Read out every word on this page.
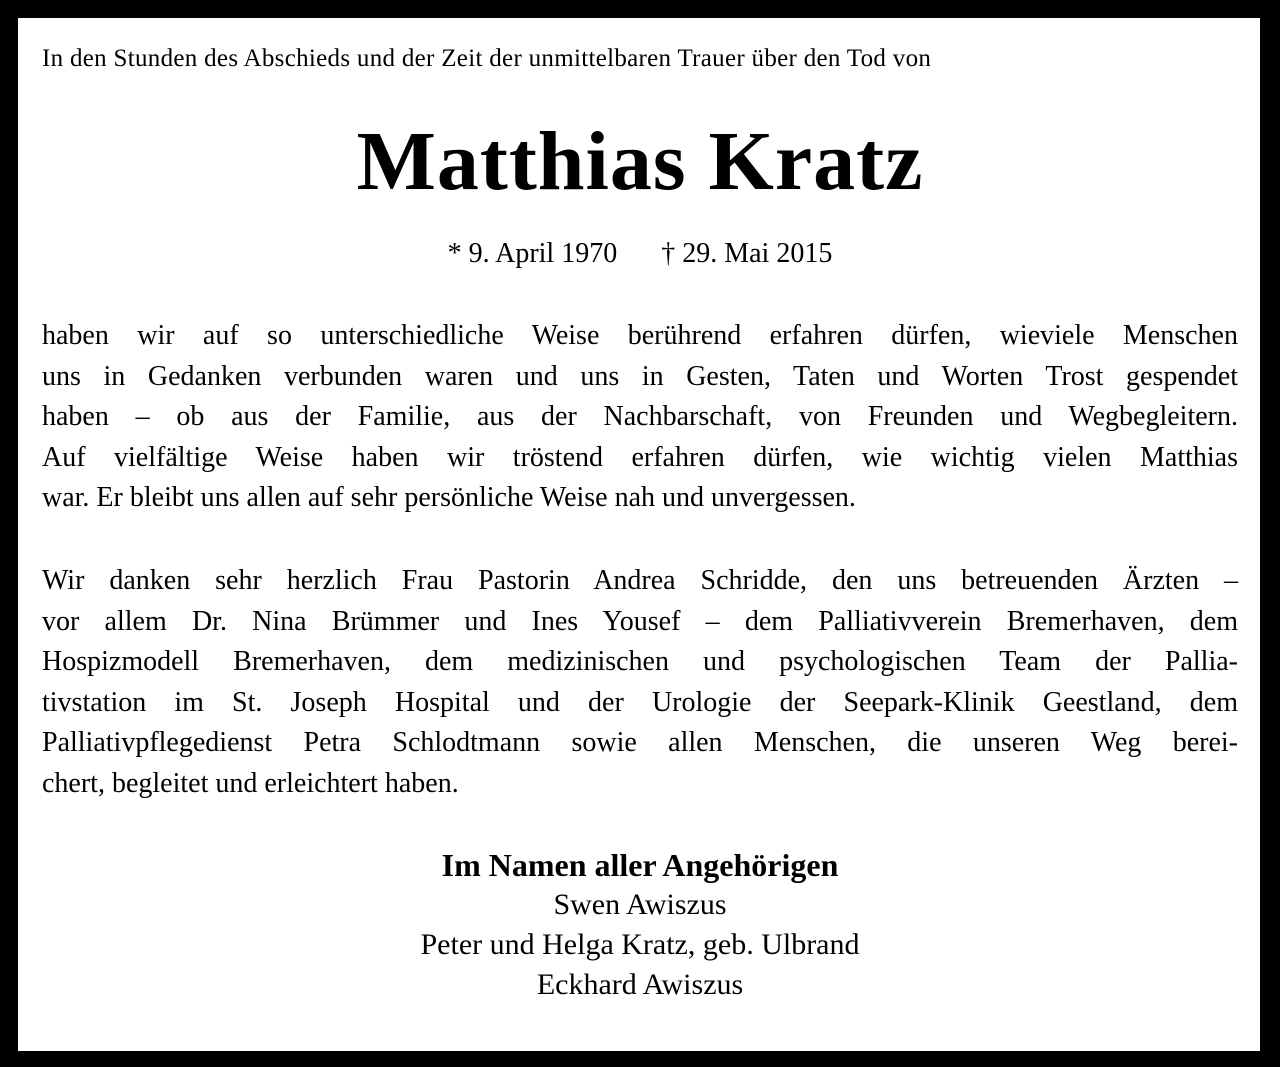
In den Stunden des Abschieds und der Zeit der unmittelbaren Trauer über den Tod von
Matthias Kratz
* 9. April 1970 † 29. Mai 2015
haben wir auf so unterschiedliche Weise berührend erfahren dürfen, wieviele Menschen
uns in Gedanken verbunden waren und uns in Gesten, Taten und Worten Trost gespendet
haben – ob aus der Familie, aus der Nachbarschaft, von Freunden und Wegbegleitern.
Auf vielfältige Weise haben wir tröstend erfahren dürfen, wie wichtig vielen Matthias
war. Er bleibt uns allen auf sehr persönliche Weise nah und unvergessen.
Wir danken sehr herzlich Frau Pastorin Andrea Schridde, den uns betreuenden Ärzten –
vor allem Dr. Nina Brümmer und Ines Yousef – dem Palliativverein Bremerhaven, dem
Hospizmodell Bremerhaven, dem medizinischen und psychologischen Team der Pallia-
tivstation im St. Joseph Hospital und der Urologie der Seepark-Klinik Geestland, dem
Palliativpflegedienst Petra Schlodtmann sowie allen Menschen, die unseren Weg berei-
chert, begleitet und erleichtert haben.
Im Namen aller Angehörigen
Swen Awiszus
Peter und Helga Kratz, geb. Ulbrand
Eckhard Awiszus
